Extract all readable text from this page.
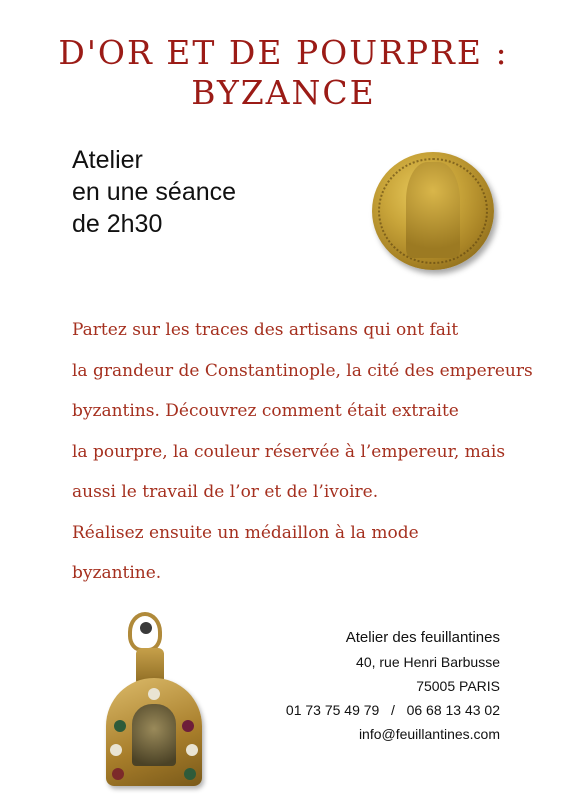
D'OR ET DE POURPRE :
BYZANCE
Atelier
en une séance
de 2h30
Partez sur les traces des artisans qui ont fait
la grandeur de Constantinople, la cité des empereurs
byzantins. Découvrez comment était extraite
la pourpre, la couleur réservée à l’empereur, mais
aussi le travail de l’or et de l’ivoire.
Réalisez ensuite un médaillon à la mode
byzantine.
Atelier des feuillantines
40, rue Henri Barbusse
75005 PARIS
01 73 75 49 79   /   06 68 13 43 02
info@feuillantines.com
